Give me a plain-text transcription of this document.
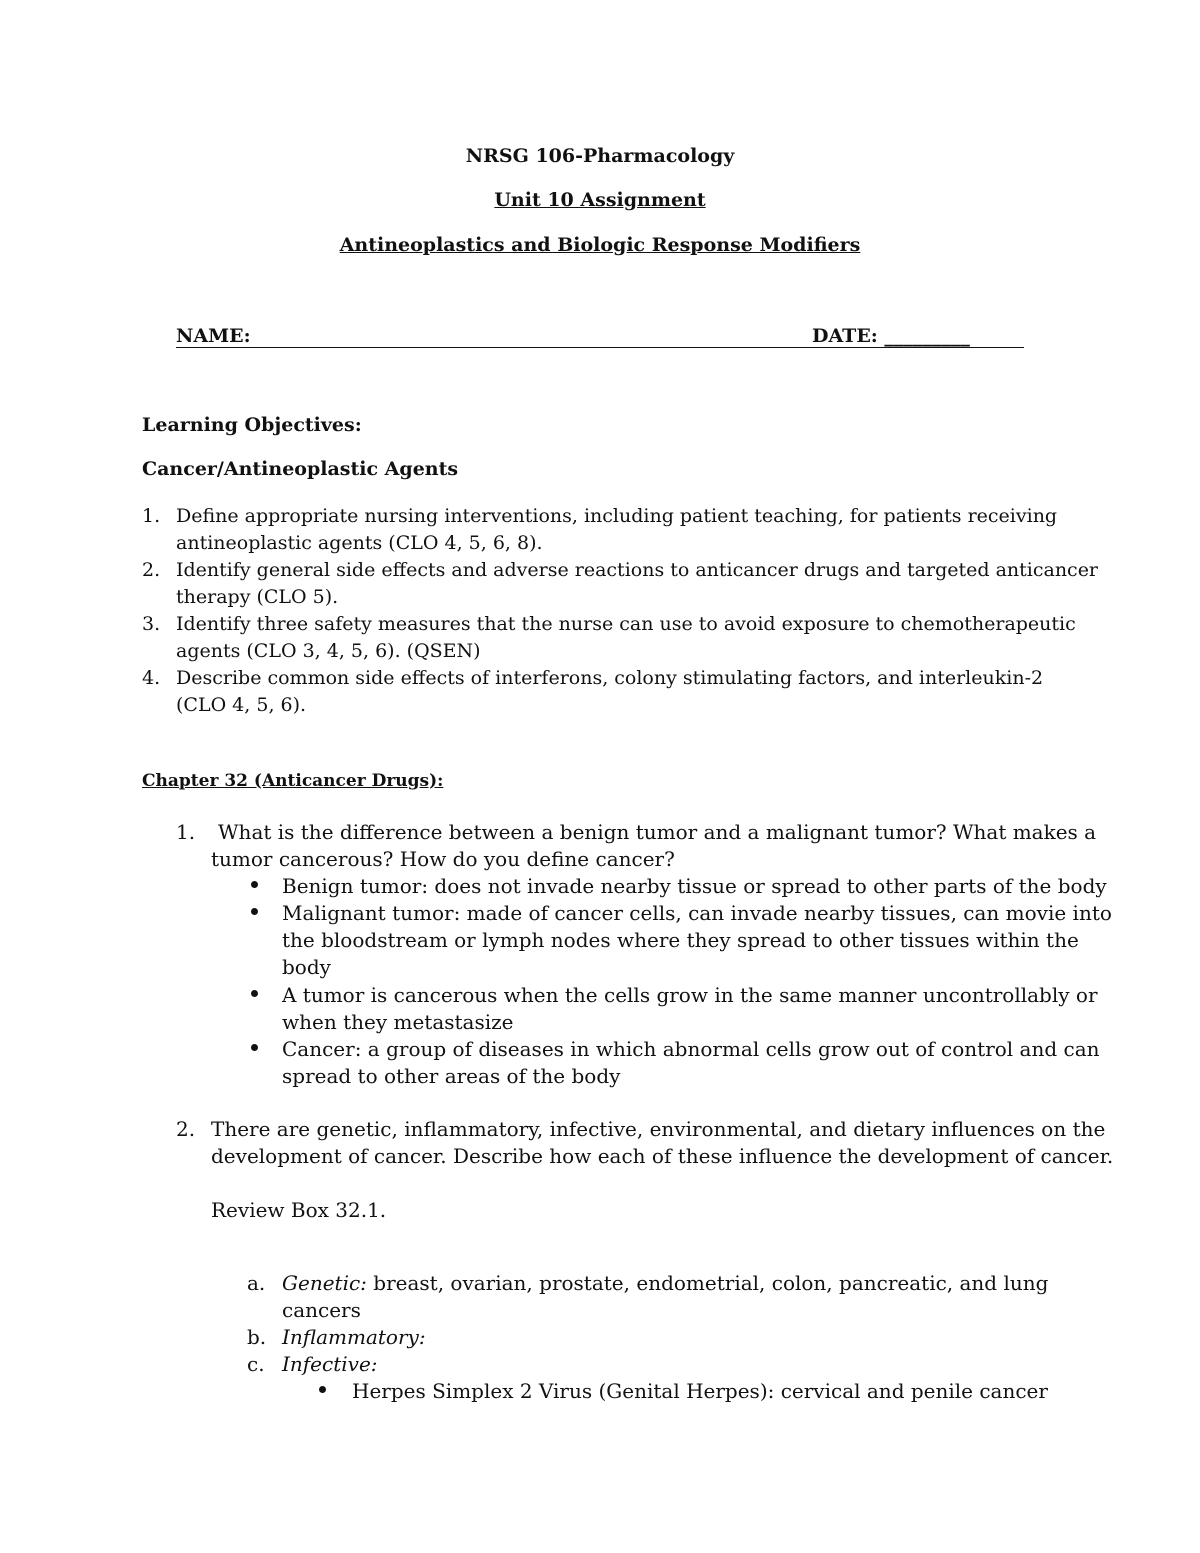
NRSG 106-Pharmacology
Unit 10 Assignment
Antineoplastics and Biologic Response Modifiers
NAME:	DATE: _________
Learning Objectives:
Cancer/Antineoplastic Agents
1. Define appropriate nursing interventions, including patient teaching, for patients receiving
antineoplastic agents (CLO 4, 5, 6, 8).
2. Identify general side effects and adverse reactions to anticancer drugs and targeted anticancer
therapy (CLO 5).
3. Identify three safety measures that the nurse can use to avoid exposure to chemotherapeutic
agents (CLO 3, 4, 5, 6). (QSEN)
4. Describe common side effects of interferons, colony stimulating factors, and interleukin-2
(CLO 4, 5, 6).
Chapter 32 (Anticancer Drugs):
1. What is the difference between a benign tumor and a malignant tumor? What makes a
tumor cancerous? How do you define cancer?
Benign tumor: does not invade nearby tissue or spread to other parts of the body
Malignant tumor: made of cancer cells, can invade nearby tissues, can movie into
the bloodstream or lymph nodes where they spread to other tissues within the
body
A tumor is cancerous when the cells grow in the same manner uncontrollably or
when they metastasize
Cancer: a group of diseases in which abnormal cells grow out of control and can
spread to other areas of the body
2. There are genetic, inflammatory, infective, environmental, and dietary influences on the
development of cancer. Describe how each of these influence the development of cancer.
Review Box 32.1.
a. Genetic: breast, ovarian, prostate, endometrial, colon, pancreatic, and lung
cancers
b. Inflammatory:
c. Infective:
Herpes Simplex 2 Virus (Genital Herpes): cervical and penile cancer
